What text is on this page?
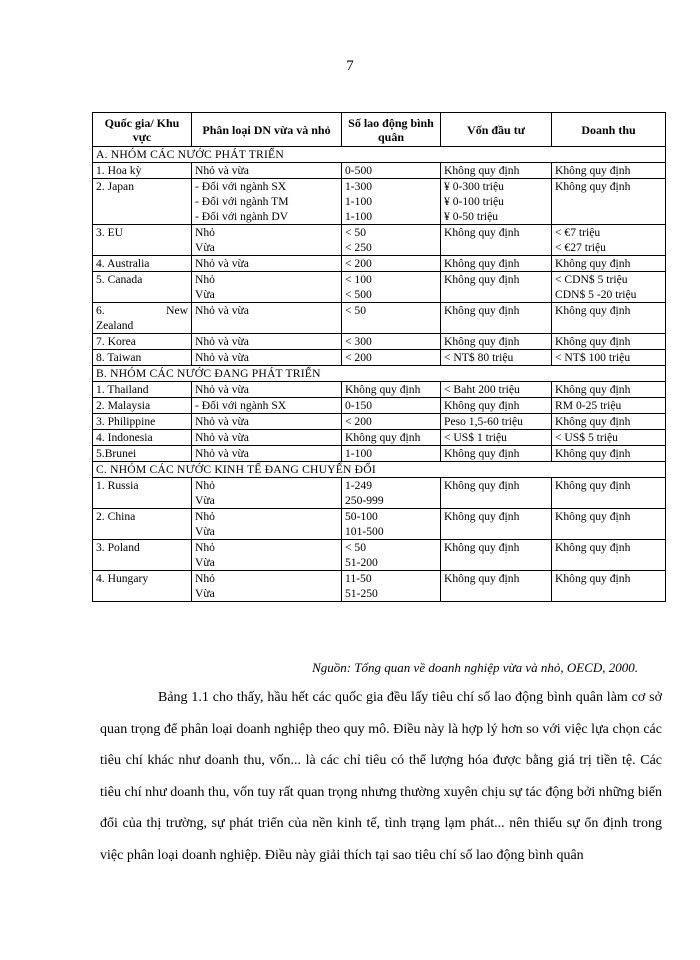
7
Quốc gia/ Khu vực	Phân loại DN vừa và nhỏ	Số lao động bình quân	Vốn đầu tư	Doanh thu
A. NHÓM CÁC NƯỚC PHÁT TRIỂN				
1. Hoa kỳ	Nhỏ và vừa	0-500	Không quy định	Không quy định

2. Japan	- Đối với ngành SX
- Đối với ngành TM
- Đối với ngành DV	1-300
1-100
1-100	¥ 0-300 triệu
¥ 0-100 triệu
¥ 0-50 triệu	Không quy định

3. EU	Nhỏ
Vừa	< 50
< 250	Không quy định	< €7 triệu
< €27 triệu

4. Australia	Nhỏ và vừa	< 200	Không quy định	Không quy định

5. Canada	Nhỏ
Vừa	< 100
< 500	Không quy định	< CDN$ 5 triệu
CDN$ 5 -20 triệu

6. New
Zealand	Nhỏ và vừa	< 50	Không quy định	Không quy định

7. Korea	Nhỏ và vừa	< 300	Không quy định	Không quy định

8. Taiwan	Nhỏ và vừa	< 200	< NT$ 80 triệu	< NT$ 100 triệu

B. NHÓM CÁC NƯỚC ĐANG PHÁT TRIỂN				
1. Thailand	Nhỏ và vừa	Không quy định	< Baht 200 triệu	Không quy định

2. Malaysia	- Đối với ngành SX	0-150	Không quy định	RM 0-25 triệu

3. Philippine	Nhỏ và vừa	< 200	Peso 1,5-60 triệu	Không quy định

4. Indonesia	Nhỏ và vừa	Không quy định	< US$ 1 triệu	< US$ 5 triệu

5.Brunei	Nhỏ và vừa	1-100	Không quy định	Không quy định

C. NHÓM CÁC NƯỚC KINH TẾ ĐANG CHUYỂN ĐỔI				
1. Russia	Nhỏ
Vừa	1-249
250-999	Không quy định	Không quy định

2. China	Nhỏ
Vừa	50-100
101-500	Không quy định	Không quy định

3. Poland	Nhỏ
Vừa	< 50
51-200	Không quy định	Không quy định

4. Hungary	Nhỏ
Vừa	11-50
51-250	Không quy định	Không quy định
Nguồn: Tổng quan về doanh nghiệp vừa và nhỏ, OECD, 2000.

Bảng 1.1 cho thấy, hầu hết các quốc gia đều lấy tiêu chí số lao động bình quân làm cơ sở quan trọng để phân loại doanh nghiệp theo quy mô. Điều này là hợp lý hơn so với việc lựa chọn các tiêu chí khác như doanh thu, vốn... là các chỉ tiêu có thể lượng hóa được bằng giá trị tiền tệ. Các tiêu chí như doanh thu, vốn tuy rất quan trọng nhưng thường xuyên chịu sự tác động bởi những biến đổi của thị trường, sự phát triển của nền kinh tế, tình trạng lạm phát... nên thiếu sự ổn định trong việc phân loại doanh nghiệp. Điều này giải thích tại sao tiêu chí số lao động bình quân
